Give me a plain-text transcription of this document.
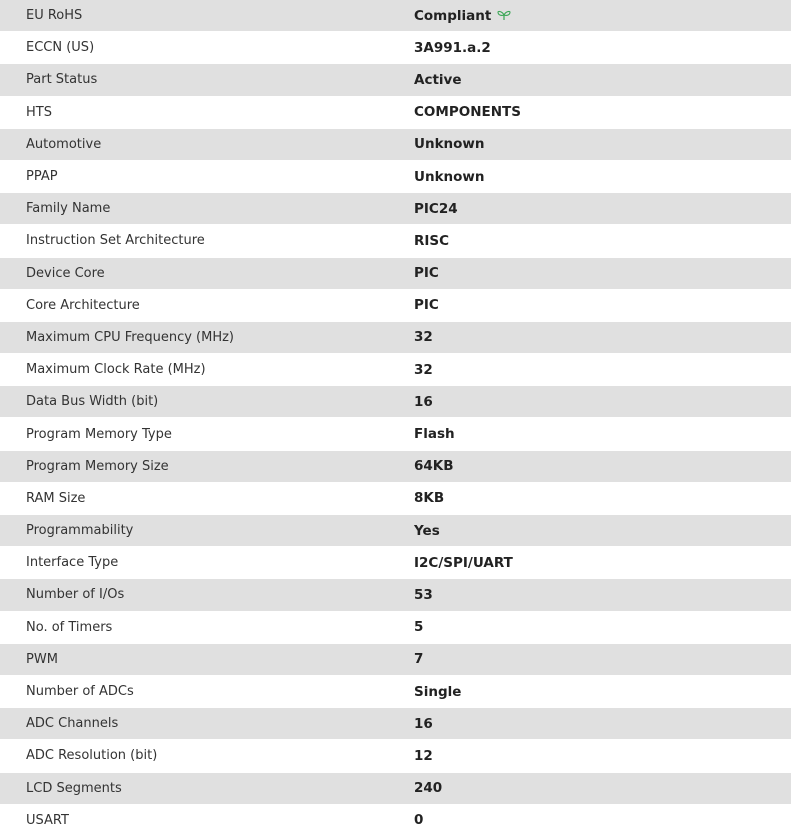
EU RoHS	Compliant
ECCN (US)	3A991.a.2
Part Status	Active
HTS	COMPONENTS
Automotive	Unknown
PPAP	Unknown
Family Name	PIC24
Instruction Set Architecture	RISC
Device Core	PIC
Core Architecture	PIC
Maximum CPU Frequency (MHz)	32
Maximum Clock Rate (MHz)	32
Data Bus Width (bit)	16
Program Memory Type	Flash
Program Memory Size	64KB
RAM Size	8KB
Programmability	Yes
Interface Type	I2C/SPI/UART
Number of I/Os	53
No. of Timers	5
PWM	7
Number of ADCs	Single
ADC Channels	16
ADC Resolution (bit)	12
LCD Segments	240
USART	0
